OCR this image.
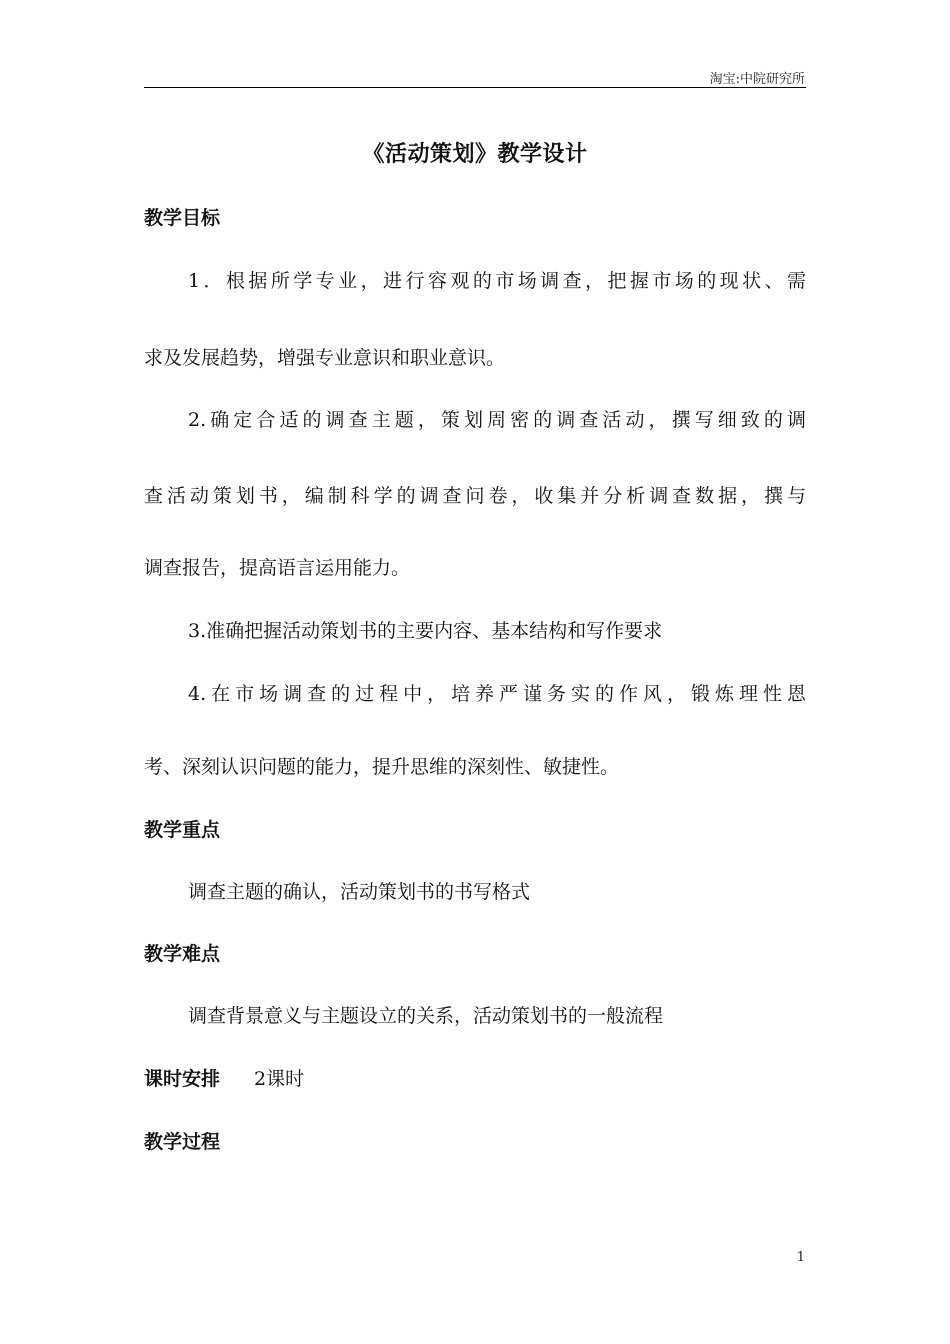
淘宝:中院研究所
《活动策划》教学设计
教学目标
1．根据所学专业，进行容观的市场调查，把握市场的现状、需
求及发展趋势，增强专业意识和职业意识。
2.确定合适的调查主题，策划周密的调查活动，撰写细致的调
查活动策划书，编制科学的调查问卷，收集并分析调查数据，撰与
调查报告，提高语言运用能力。
3.准确把握活动策划书的主要内容、基本结构和写作要求
4.在市场调查的过程中，培养严谨务实的作风，锻炼理性恩
考、深刻认识问题的能力，提升思维的深刻性、敏捷性。
教学重点
调查主题的确认，活动策划书的书写格式
教学难点
调查背景意义与主题设立的关系，活动策划书的一般流程
课时安排 2课时
教学过程
1
